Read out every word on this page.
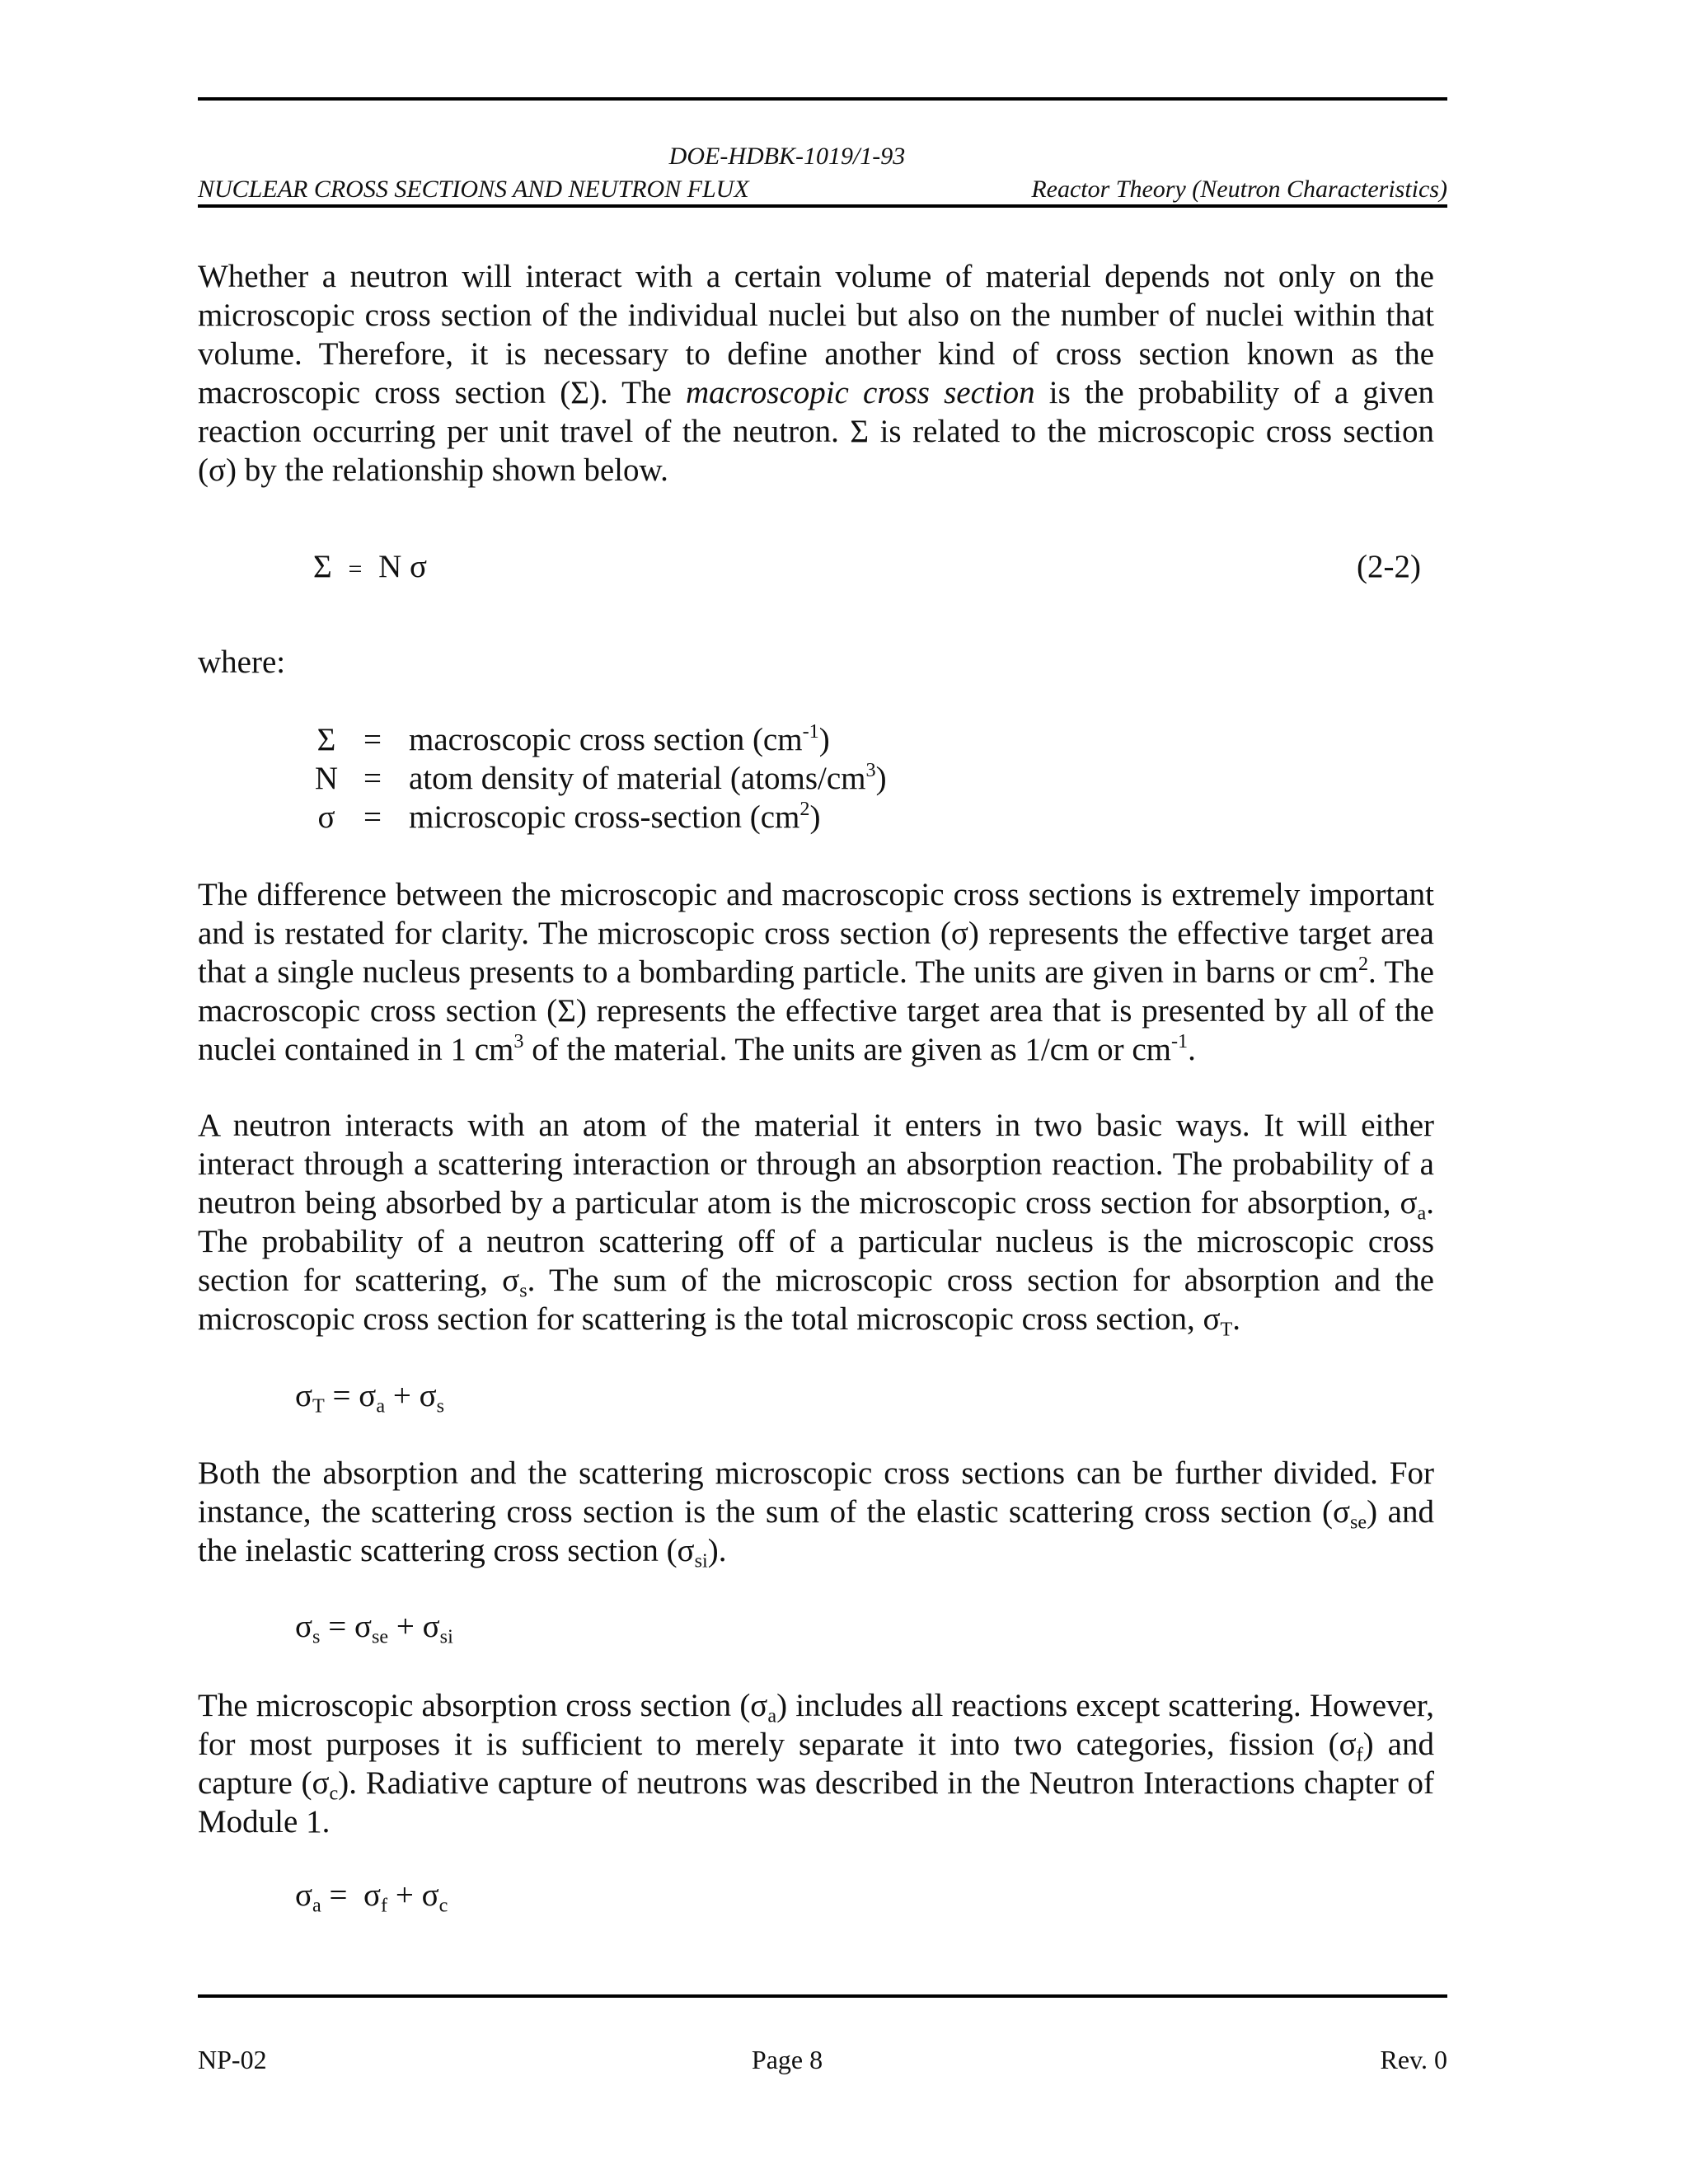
DOE-HDBK-1019/1-93
NUCLEAR CROSS SECTIONS AND NEUTRON FLUX	Reactor Theory (Neutron Characteristics)

Whether a neutron will interact with a certain volume of material depends not only on the microscopic cross section of the individual nuclei but also on the number of nuclei within that volume. Therefore, it is necessary to define another kind of cross section known as the macroscopic cross section (Σ). The macroscopic cross section is the probability of a given reaction occurring per unit travel of the neutron. Σ is related to the microscopic cross section (σ) by the relationship shown below.

Σ = N σ	(2-2)
where:
Σ = macroscopic cross section $(cm^{-1})$
N = atom density of material $(atoms/cm^3)$
σ = microscopic cross-section $(cm^2)$

The difference between the microscopic and macroscopic cross sections is extremely important and is restated for clarity. The microscopic cross section (σ) represents the effective target area that a single nucleus presents to a bombarding particle. The units are given in barns or $cm^2$. The macroscopic cross section (Σ) represents the effective target area that is presented by all of the nuclei contained in 1 $cm^3$ of the material. The units are given as 1/cm or $cm^{-1}$.

A neutron interacts with an atom of the material it enters in two basic ways. It will either interact through a scattering interaction or through an absorption reaction. The probability of a neutron being absorbed by a particular atom is the microscopic cross section for absorption, $\sigma_a$. The probability of a neutron scattering off of a particular nucleus is the microscopic cross section for scattering, $\sigma_s$. The sum of the microscopic cross section for absorption and the microscopic cross section for scattering is the total microscopic cross section, $\sigma_T$.

$\sigma_T = \sigma_a + \sigma_s$

Both the absorption and the scattering microscopic cross sections can be further divided. For instance, the scattering cross section is the sum of the elastic scattering cross section $(\sigma_{se})$ and the inelastic scattering cross section $(\sigma_{si})$.

$\sigma_s = \sigma_{se} + \sigma_{si}$

The microscopic absorption cross section $(\sigma_a)$ includes all reactions except scattering. However, for most purposes it is sufficient to merely separate it into two categories, fission $(\sigma_f)$ and capture $(\sigma_c)$. Radiative capture of neutrons was described in the Neutron Interactions chapter of Module 1.

$\sigma_a = \sigma_f + \sigma_c$
NP-02	Page 8	Rev. 0
